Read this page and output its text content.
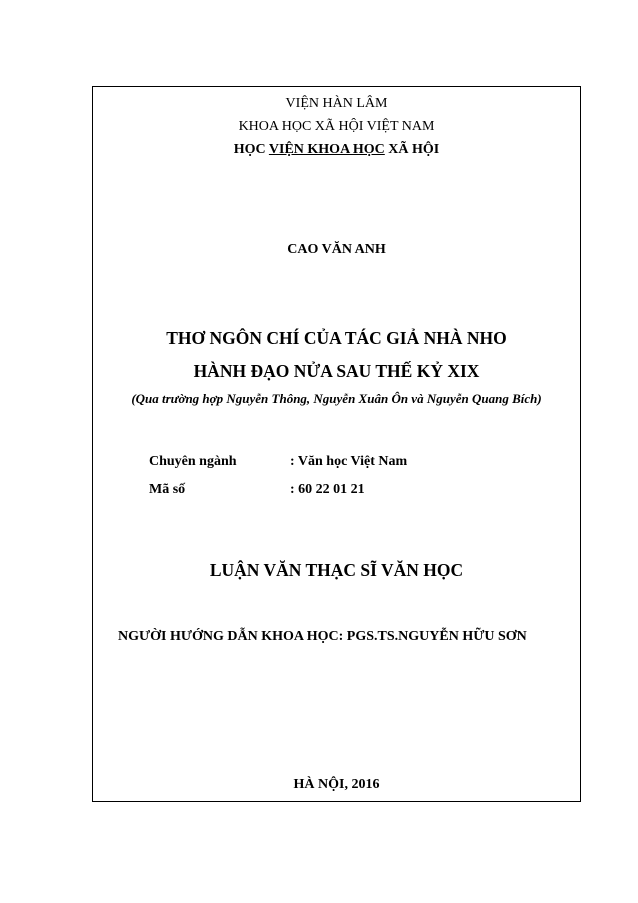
VIỆN HÀN LÂM
KHOA HỌC XÃ HỘI VIỆT NAM
HỌC VIỆN KHOA HỌC XÃ HỘI
CAO VĂN ANH
THƠ NGÔN CHÍ CỦA TÁC GIẢ NHÀ NHO
HÀNH ĐẠO NỬA SAU THẾ KỶ XIX
(Qua trường hợp Nguyễn Thông, Nguyễn Xuân Ôn và Nguyễn Quang Bích)
Chuyên ngành	: Văn học Việt Nam
Mã số	: 60 22 01 21
LUẬN VĂN THẠC SĨ VĂN HỌC
NGƯỜI HƯỚNG DẪN KHOA HỌC: PGS.TS.NGUYỄN HỮU SƠN
HÀ NỘI, 2016
